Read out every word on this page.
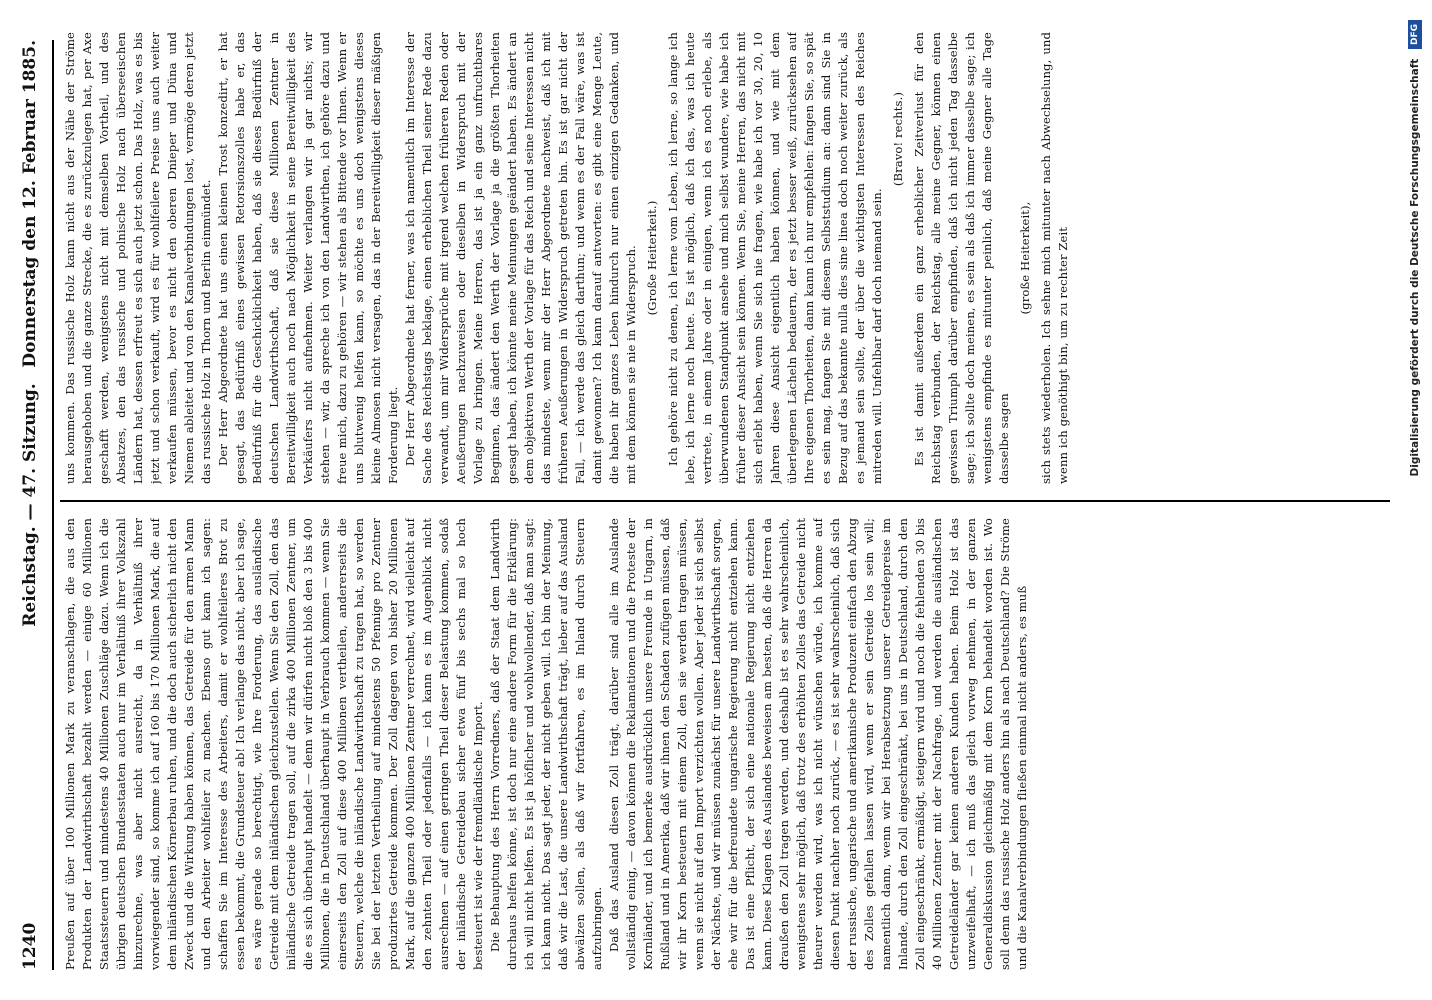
1240
Reichstag. — 47. Sitzung.
Donnerstag den 12. Februar 1885.

Preußen auf über 100 Millionen Mark zu veranschlagen, die aus den Produkten der Landwirthschaft bezahlt werden — einige 60 Millionen Staatssteuern und mindestens 40 Millionen Zuschläge dazu. Wenn ich die übrigen deutschen Bundesstaaten auch nur im Verhältniß ihrer Volkszahl hinzurechne, was aber nicht ausreicht, da in Verhältniß ihrer vorwiegender sind, so komme ich auf 160 bis 170 Millionen Mark, die auf dem inländischen Körnerbau ruhen, und die doch auch sicherlich nicht den Zweck und die Wirkung haben können, das Getreide für den armen Mann und den Arbeiter wohlfeiler zu machen. Ebenso gut kann ich sagen: schaffen Sie im Interesse des Arbeiters, damit er wohlfeileres Brot zu essen bekommt, die Grundsteuer ab! Ich verlange das nicht, aber ich sage, es wäre gerade so berechtigt, wie Ihre Forderung, das ausländische Getreide mit dem inländischen gleichzustellen. Wenn Sie den Zoll, den das inländische Getreide tragen soll, auf die zirka 400 Millionen Zentner, um die es sich überhaupt handelt — denn wir dürfen nicht bloß den 3 bis 400 Millionen, die in Deutschland überhaupt in Verbrauch kommen — wenn Sie einerseits den Zoll auf diese 400 Millionen vertheilen, andererseits die Steuern, welche die inländische Landwirthschaft zu tragen hat, so werden Sie bei der letzten Vertheilung auf mindestens 50 Pfennige pro Zentner produzirtes Getreide kommen. Der Zoll dagegen von bisher 20 Millionen Mark, auf die ganzen 400 Millionen Zentner verrechnet, wird vielleicht auf den zehnten Theil oder jedenfalls — ich kann es im Augenblick nicht ausrechnen — auf einen geringen Theil dieser Belastung kommen, sodaß der inländische Getreidebau sicher etwa fünf bis sechs mal so hoch besteuert ist wie der fremdländische Import. Die Behauptung des Herrn Vorredners, daß der Staat dem Landwirth durchaus helfen könne, ist doch nur eine andere Form für die Erklärung: ich will nicht helfen. Es ist ja höflicher und wohlwollender, daß man sagt: ich kann nicht. Das sagt jeder, der nicht geben will. Ich bin der Meinung, daß wir die Last, die unsere Landwirthschaft trägt, lieber auf das Ausland abwälzen sollen, als daß wir fortfahren, es im Inland durch Steuern aufzubringen. Daß das Ausland diesen Zoll trägt, darüber sind alle im Auslande vollständig einig, — davon können die Reklamationen und die Proteste der Kornländer, und ich bemerke ausdrücklich unsere Freunde in Ungarn, in Rußland und in Amerika, daß wir ihnen den Schaden zufügen müssen, daß wir ihr Korn besteuern mit einem Zoll, den sie werden tragen müssen, wenn sie nicht auf den Import verzichten wollen. Aber jeder ist sich selbst der Nächste, und wir müssen zunächst für unsere Landwirthschaft sorgen, ehe wir für die befreundete ungarische Regierung nicht entziehen kann. Das ist eine Pflicht, der sich eine nationale Regierung nicht entziehen kann. Diese Klagen des Auslandes beweisen am besten, daß die Herren da draußen den Zoll tragen werden, und deshalb ist es sehr wahrscheinlich, wenigstens sehr möglich, daß trotz des erhöhten Zolles das Getreide nicht theurer werden wird, was ich nicht wünschen würde, ich komme auf diesen Punkt nachher noch zurück, — es ist sehr wahrscheinlich, daß sich der russische, ungarische und amerikanische Produzent einfach den Abzug des Zolles gefallen lassen wird, wenn er sein Getreide los sein will; namentlich dann, wenn wir bei Herabsetzung unserer Getreidepreise im Inlande, durch den Zoll eingeschränkt, bei uns in Deutschland, durch den Zoll eingeschränkt, ermäßigt, steigern wird und noch die fehlenden 30 bis 40 Millionen Zentner mit der Nachfrage, und werden die ausländischen Getreideländer gar keinen anderen Kunden haben. Beim Holz ist das unzweifelhaft, — ich muß das gleich vorweg nehmen, in der ganzen Generaldiskussion gleichmäßig mit dem Korn behandelt worden ist. Wo soll denn das russische Holz anders hin als nach Deutschland? Die Ströme und die Kanalverbindungen fließen einmal nicht anders, es muß

uns kommen. Das russische Holz kann nicht aus der Nähe der Ströme herausgehoben und die ganze Strecke, die es zurückzulegen hat, per Axe geschafft werden, wenigstens nicht mit demselben Vortheil, und des Absatzes, den das russische und polnische Holz nach überseeischen Ländern hat, dessen erfreut es sich auch jetzt schon. Das Holz, was es bis jetzt und schon verkauft, wird es für wohlfeilere Preise uns auch weiter verkaufen müssen, bevor es nicht den oberen Dnieper und Düna und Niemen ableitet und von den Kanalverbindungen lost, vermöge deren jetzt das russische Holz in Thorn und Berlin einmündet. Der Herr Abgeordnete hat uns einen kleinen Trost konzedirt, er hat gesagt, das Bedürfniß eines gewissen Retorsionszolles habe er, das Bedürfniß für die Geschicklichkeit haben, daß sie dieses Bedürfniß der deutschen Landwirthschaft, daß sie diese Millionen Zentner in Bereitwilligkeit auch noch nach Möglichkeit in seine Bereitwilligkeit des Verkäufers nicht aufnehmen. Weiter verlangen wir ja gar nichts; wir stehen — wir, da spreche ich von den Landwirthen, ich gehöre dazu und freue mich, dazu zu gehören — wir stehen als Bittende vor Ihnen. Wenn er uns blutwenig helfen kann, so möchte es uns doch wenigstens dieses kleine Almosen nicht versagen, das in der Bereitwilligkeit dieser mäßigen Forderung liegt. Der Herr Abgeordnete hat ferner, was ich namentlich im Interesse der Sache des Reichstags beklage, einen erheblichen Theil seiner Rede dazu verwandt, um mir Widersprüche mit irgend welchen früheren Reden oder Aeußerungen nachzuweisen oder dieselben in Widerspruch mit der Vorlage zu bringen. Meine Herren, das ist ja ein ganz unfruchtbares Beginnen, das ändert den Werth der Vorlage ja die größten Thorheiten gesagt haben, ich könnte meine Meinungen geändert haben. Es ändert an dem objektiven Werth der Vorlage für das Reich und seine Interessen nicht das mindeste, wenn mir der Herr Abgeordnete nachweist, daß ich mit früheren Aeußerungen in Widerspruch getreten bin. Es ist gar nicht der Fall, — ich werde das gleich darthun; und wenn es der Fall wäre, was ist damit gewonnen? Ich kann darauf antworten: es gibt eine Menge Leute, die haben ihr ganzes Leben hindurch nur einen einzigen Gedanken, und mit dem können sie nie in Widerspruch. (Große Heiterkeit.) Ich gehöre nicht zu denen, ich lerne vom Leben, ich lerne, so lange ich lebe, ich lerne noch heute. Es ist möglich, daß ich das, was ich heute vertrete, in einem Jahre oder in einigen, wenn ich es noch erlebe, als überwundenen Standpunkt ansehe und mich selbst wundere, wie habe ich früher dieser Ansicht sein können. Wenn Sie, meine Herren, das nicht mit sich erlebt haben, wenn Sie sich nie fragen, wie habe ich vor 30, 20, 10 Jahren diese Ansicht eigentlich haben können, und wie mit dem überlegenen Lächeln bedauern, der es jetzt besser weiß, zurücksehen auf Ihre eigenen Thorheiten, dann kann ich nur empfehlen: fangen Sie, so spät es sein mag, fangen Sie mit diesem Selbststudium an: dann sind Sie in Bezug auf das bekannte nulla dies sine linea doch noch weiter zurück, als es jemand sein sollte, der über die wichtigsten Interessen des Reiches mitreden will. Unfehlbar darf doch niemand sein.

(Bravo! rechts.) Es ist damit außerdem ein ganz erheblicher Zeitverlust für den Reichstag verbunden, der Reichstag, alle meine Gegner, können einen gewissen Triumph darüber empfinden, daß ich nicht jeden Tag dasselbe sage; ich sollte doch meinen, es sein als daß ich immer dasselbe sage; ich wenigstens empfinde es mitunter peinlich, daß meine Gegner alle Tage dasselbe sagen

(große Heiterkeit), sich stets wiederholen. Ich sehne mich mitunter nach Abwechselung, und wenn ich genöthigt bin, um zu rechter Zeit	Digitalisierung gefördert durch die Deutsche Forschungsgemeinschaft DFG
